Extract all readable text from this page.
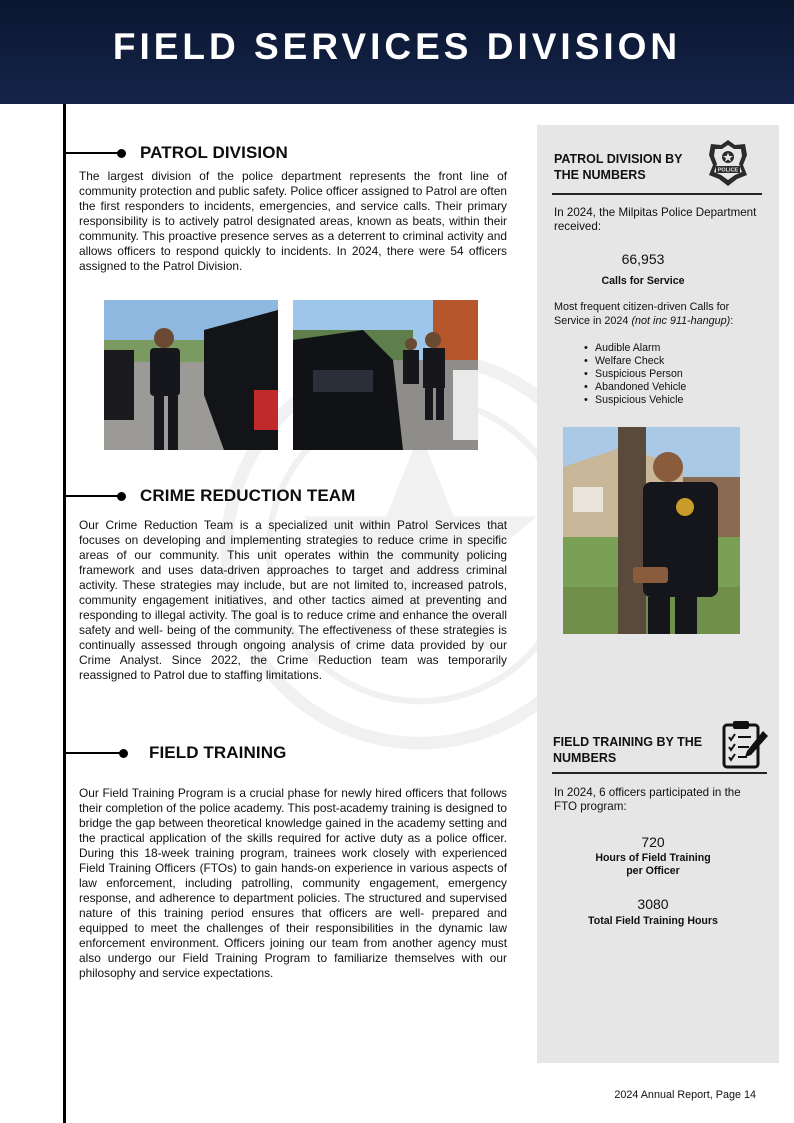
FIELD SERVICES DIVISION
PATROL DIVISION
The largest division of the police department represents the front line of community protection and public safety. Police officer assigned to Patrol are often the first responders to incidents, emergencies, and service calls. Their primary responsibility is to actively patrol designated areas, known as beats, within their community. This proactive presence serves as a deterrent to criminal activity and allows officers to respond quickly to incidents. In 2024, there were 54 officers assigned to the Patrol Division.
CRIME REDUCTION TEAM
Our Crime Reduction Team is a specialized unit within Patrol Services that focuses on developing and implementing strategies to reduce crime in specific areas of our community. This unit operates within the community policing framework and uses data-driven approaches to target and address criminal activity. These strategies may include, but are not limited to, increased patrols, community engagement initiatives, and other tactics aimed at preventing and responding to illegal activity. The goal is to reduce crime and enhance the overall safety and well- being of the community. The effectiveness of these strategies is continually assessed through ongoing analysis of crime data provided by our Crime Analyst. Since 2022, the Crime Reduction team was temporarily reassigned to Patrol due to staffing limitations.
FIELD TRAINING
Our Field Training Program is a crucial phase for newly hired officers that follows their completion of the police academy. This post-academy training is designed to bridge the gap between theoretical knowledge gained in the academy setting and the practical application of the skills required for active duty as a police officer. During this 18-week training program, trainees work closely with experienced Field Training Officers (FTOs) to gain hands-on experience in various aspects of law enforcement, including patrolling, community engagement, emergency response, and adherence to department policies. The structured and supervised nature of this training period ensures that officers are well- prepared and equipped to meet the challenges of their responsibilities in the dynamic law enforcement environment. Officers joining our team from another agency must also undergo our Field Training Program to familiarize themselves with our philosophy and service expectations.
PATROL DIVISION BY THE NUMBERS	POLICE
In 2024, the Milpitas Police Department received:
66,953
Calls for Service
Most frequent citizen-driven Calls for Service in 2024 (not inc 911-hangup):
• Audible Alarm
• Welfare Check
• Suspicious Person
• Abandoned Vehicle
• Suspicious Vehicle
FIELD TRAINING BY THE NUMBERS
In 2024, 6 officers participated in the FTO program:
720
Hours of Field Training
per Officer
3080
Total Field Training Hours
2024 Annual Report, Page 14
